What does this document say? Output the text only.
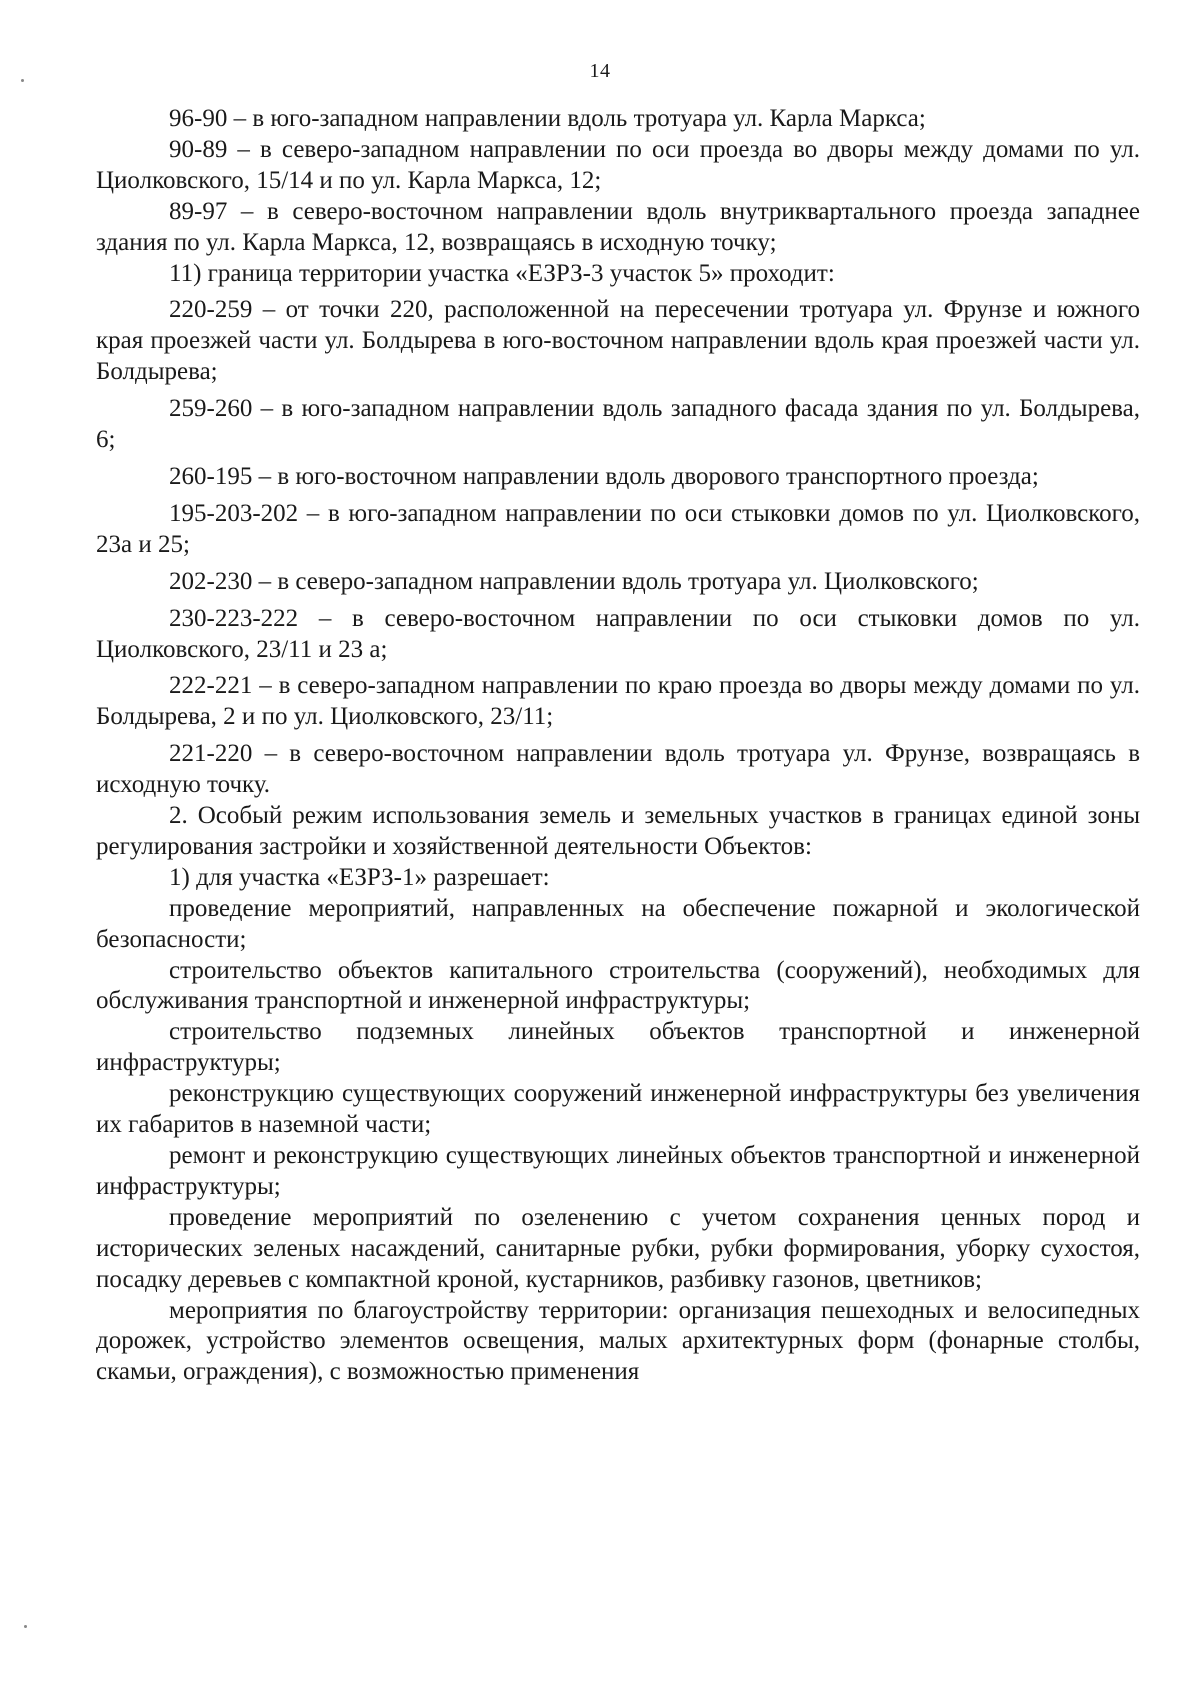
14

96-90 – в юго-западном направлении вдоль тротуара ул. Карла Маркса;

90-89 – в северо-западном направлении по оси проезда во дворы между домами по ул. Циолковского, 15/14 и по ул. Карла Маркса, 12;

89-97 – в северо-восточном направлении вдоль внутриквартального проезда западнее здания по ул. Карла Маркса, 12, возвращаясь в исходную точку;

11) граница территории участка «ЕЗРЗ-3 участок 5» проходит:

220-259 – от точки 220, расположенной на пересечении тротуара ул. Фрунзе и южного края проезжей части ул. Болдырева в юго-восточном направлении вдоль края проезжей части ул. Болдырева;

259-260 – в юго-западном направлении вдоль западного фасада здания по ул. Болдырева, 6;

260-195 – в юго-восточном направлении вдоль дворового транспортного проезда;

195-203-202 – в юго-западном направлении по оси стыковки домов по ул. Циолковского, 23а и 25;

202-230 – в северо-западном направлении вдоль тротуара ул. Циолковского;

230-223-222 – в северо-восточном направлении по оси стыковки домов по ул. Циолковского, 23/11 и 23 а;

222-221 – в северо-западном направлении по краю проезда во дворы между домами по ул. Болдырева, 2 и по ул. Циолковского, 23/11;

221-220 – в северо-восточном направлении вдоль тротуара ул. Фрунзе, возвращаясь в исходную точку.

2. Особый режим использования земель и земельных участков в границах единой зоны регулирования застройки и хозяйственной деятельности Объектов:

1) для участка «ЕЗРЗ-1» разрешает:

проведение мероприятий, направленных на обеспечение пожарной и экологической безопасности;

строительство объектов капитального строительства (сооружений), необходимых для обслуживания транспортной и инженерной инфраструктуры;

строительство подземных линейных объектов транспортной и инженерной инфраструктуры;

реконструкцию существующих сооружений инженерной инфраструктуры без увеличения их габаритов в наземной части;

ремонт и реконструкцию существующих линейных объектов транспортной и инженерной инфраструктуры;

проведение мероприятий по озеленению с учетом сохранения ценных пород и исторических зеленых насаждений, санитарные рубки, рубки формирования, уборку сухостоя, посадку деревьев с компактной кроной, кустарников, разбивку газонов, цветников;

мероприятия по благоустройству территории: организация пешеходных и велосипедных дорожек, устройство элементов освещения, малых архитектурных форм (фонарные столбы, скамьи, ограждения), с возможностью применения
